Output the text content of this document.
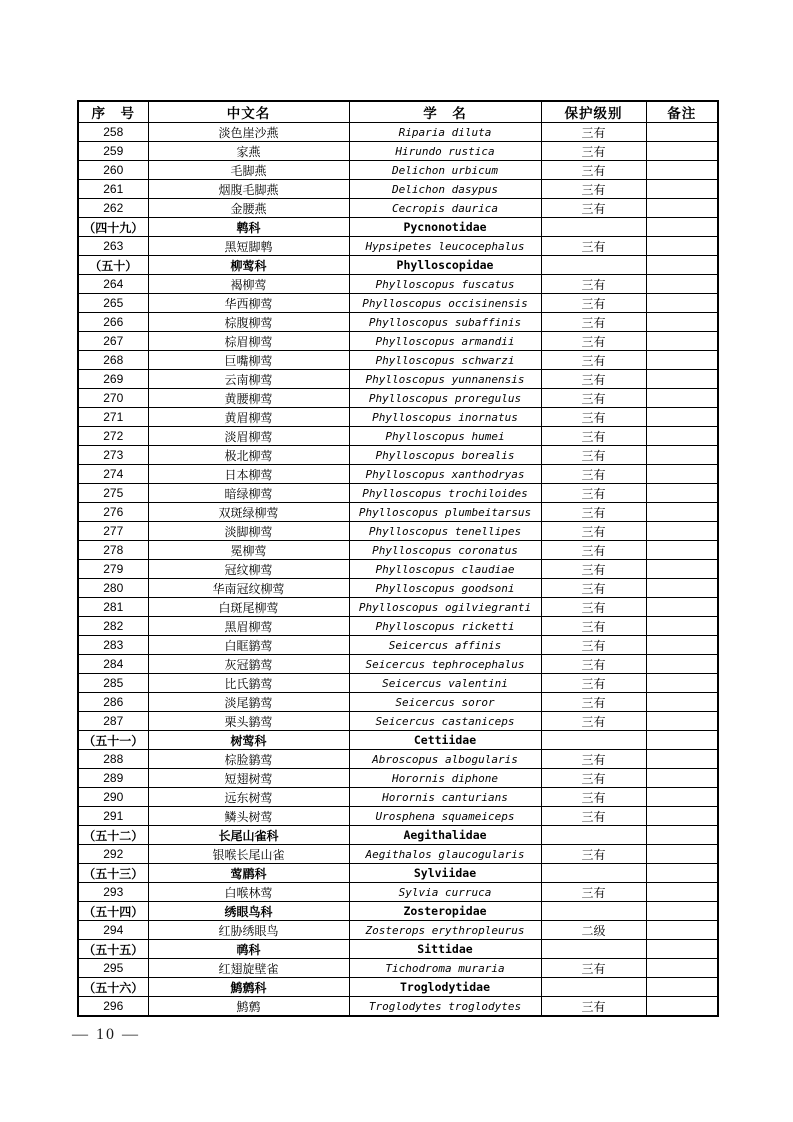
序　号	中文名	学　名	保护级别	备注
258	淡色崖沙燕	Riparia diluta	三有	
259	家燕	Hirundo rustica	三有	
260	毛脚燕	Delichon urbicum	三有	
261	烟腹毛脚燕	Delichon dasypus	三有	
262	金腰燕	Cecropis daurica	三有	
（四十九）	鹎科	Pycnonotidae		
263	黑短脚鹎	Hypsipetes leucocephalus	三有	
（五十）	柳莺科	Phylloscopidae		
264	褐柳莺	Phylloscopus fuscatus	三有	
265	华西柳莺	Phylloscopus occisinensis	三有	
266	棕腹柳莺	Phylloscopus subaffinis	三有	
267	棕眉柳莺	Phylloscopus armandii	三有	
268	巨嘴柳莺	Phylloscopus schwarzi	三有	
269	云南柳莺	Phylloscopus yunnanensis	三有	
270	黄腰柳莺	Phylloscopus proregulus	三有	
271	黄眉柳莺	Phylloscopus inornatus	三有	
272	淡眉柳莺	Phylloscopus humei	三有	
273	极北柳莺	Phylloscopus borealis	三有	
274	日本柳莺	Phylloscopus xanthodryas	三有	
275	暗绿柳莺	Phylloscopus trochiloides	三有	
276	双斑绿柳莺	Phylloscopus plumbeitarsus	三有	
277	淡脚柳莺	Phylloscopus tenellipes	三有	
278	冕柳莺	Phylloscopus coronatus	三有	
279	冠纹柳莺	Phylloscopus claudiae	三有	
280	华南冠纹柳莺	Phylloscopus goodsoni	三有	
281	白斑尾柳莺	Phylloscopus ogilviegranti	三有	
282	黑眉柳莺	Phylloscopus ricketti	三有	
283	白眶鹟莺	Seicercus affinis	三有	
284	灰冠鹟莺	Seicercus tephrocephalus	三有	
285	比氏鹟莺	Seicercus valentini	三有	
286	淡尾鹟莺	Seicercus soror	三有	
287	栗头鹟莺	Seicercus castaniceps	三有	
（五十一）	树莺科	Cettiidae		
288	棕脸鹟莺	Abroscopus albogularis	三有	
289	短翅树莺	Horornis diphone	三有	
290	远东树莺	Horornis canturians	三有	
291	鳞头树莺	Urosphena squameiceps	三有	
（五十二）	长尾山雀科	Aegithalidae		
292	银喉长尾山雀	Aegithalos glaucogularis	三有	
（五十三）	莺鹛科	Sylviidae		
293	白喉林莺	Sylvia curruca	三有	
（五十四）	绣眼鸟科	Zosteropidae		
294	红胁绣眼鸟	Zosterops erythropleurus	二级	
（五十五）	䴓科	Sittidae		
295	红翅旋壁雀	Tichodroma muraria	三有	
（五十六）	鹪鹩科	Troglodytidae		
296	鹪鹩	Troglodytes troglodytes	三有	
— 10 —
